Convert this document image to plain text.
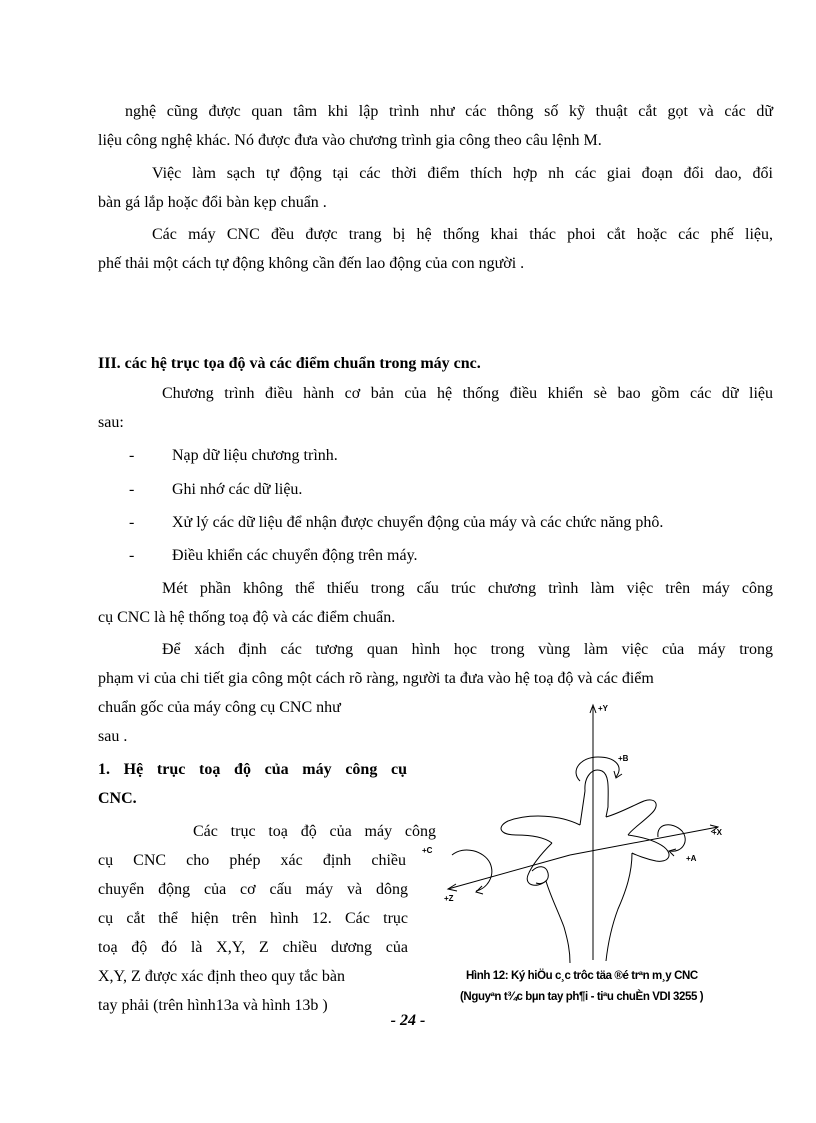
nghệ cũng được quan tâm khi lập trình như các thông số kỹ thuật cắt gọt và các dữ
liệu công nghệ khác. Nó được đưa vào chương trình gia công theo câu lệnh M.
Việc làm sạch tự động tại các thời điểm thích hợp nh các giai đoạn đổi dao, đổi
bàn gá lắp hoặc đổi bàn kẹp chuẩn .
Các máy CNC đều được trang bị hệ thống khai thác phoi cắt hoặc các phế liệu,
phế thải một cách tự động không cần đến lao động của con người .
III. các hệ trục tọa độ và các điểm chuẩn trong máy cnc.
Chương trình điều hành cơ bản của hệ thống điều khiển sè bao gồm các dữ liệu
sau:
- Nạp dữ liệu chương trình.
- Ghi nhớ các dữ liệu.
- Xử lý các dữ liệu để nhận được chuyển động của máy và các chức năng phô.
- Điều khiển các chuyển động trên máy.
Mét phần không thể thiếu trong cấu trúc chương trình làm việc trên máy công
cụ CNC là hệ thống toạ độ và các điểm chuẩn.
Để xách định các tương quan hình học trong vùng làm việc của máy trong
phạm vi của chi tiết gia công một cách rõ ràng, người ta đưa vào hệ toạ độ và các điểm
chuẩn gốc của máy công cụ CNC như
sau .
1. Hệ trục toạ độ của máy công cụ
CNC.
Các trục toạ độ của máy công
cụ CNC cho phép xác định chiều
chuyển động của cơ cấu máy và dông
cụ cắt thể hiện trên hình 12. Các trục
toạ độ đó là X,Y, Z chiều dương của
X,Y, Z được xác định theo quy tắc bàn
tay phải (trên hình13a và hình 13b )
+Y
+B
+X
+A
+C
+Z
Hình 12: Ký hiÖu c¸c trôc täa ®é trªn m¸y CNC
(Nguyªn t¾c bµn tay ph¶i - tiªu chuÈn VDI 3255 )
- 24 -
